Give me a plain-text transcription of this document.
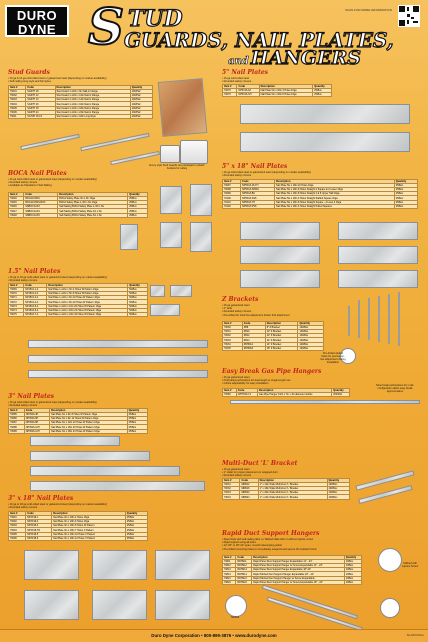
DURO
DYNE S TUD
GUARDS, NAIL PLATES,
and HANGERS
SCAN FOR MORE INFORMATION
Stud Guards
• 16 ga & 14 ga cold-rolled steel or galvanized steel (depending on market availability)
• Self-nailing long-style and flat styles
Item #	Code	Description	Quantity
70001	SG67H 18	Stud Guard 1-1/2in x 6in Nail-in Flange	100/Pail
70002	SG67H 12	Stud Guard 1-1/2in x 12in Nail-in Flange	100/Pail
70003	SG67H 14	Stud Guard 1-1/2in x 14in Nail-in Flange	100/Pail
70004	SG67H 16	Stud Guard 1-1/2in x 16in Nail-in Flange	100/Pail
70005	SG67H 18	Stud Guard 1-1/2in x 18in Nail-in Flange	100/Pail
70006	SG67H 24	Stud Guard 1-1/2in x 24in Nail-in Flange	100/Pail
70011	SG70H 18 LS	Stud Guard 1-1/2in x 18in Long-Style	100/Pail
Every style Stud Guards are packaged in plastic buckets for safety
BOCA Nail Plates
• 16 ga cold-rolled steel or galvanized steel (depending on market availability)
• Rounded safety corners
• Available as Standard or Self-Nailing
Item #	Code	Description	Quantity
70046	BOCA1X3NS	BOCA Safety Plate 3in x 3in 16ga	25/Box
70045	BOCA1X3NS-BOX	BOCA Safety Plate 1-3/8 x 3in 16ga	25/Box
70046	SNBOCA1X3	Self-Nailing BOCA Safety Plate 1-3/8 x 3in	25/Box
70047	SNBOCA1X4	Self-Nailing BOCA Safety Plate 4in x 3in	25/Box
70048	SNBOCA1X6	Self-Nailing BOCA Safety Plate 6in x 3in	25/Box
1.5" Nail Plates
• 16 ga or 18 ga cold-rolled steel or galvanized steel (depending on market availability)
• Rounded safety corners
Item #	Code	Description	Quantity
70069	NP1516-1-4	Nail Plate 1-1/2in x 3in 4 Holes W Pattern 16ga	50/Box
70070	NP1516-2-4	Nail Plate 1-1/2in x 5in 8 Holes W Pattern 16ga	50/Box
70071	NP1516-3-4	Nail Plate 1-1/2in x 6in 10 Holes W Pattern 16ga	50/Box
70072	NP1516-4-4	Nail Plate 1-1/2in x 9in 16 Holes W Pattern 16ga	50/Box
70073	NP1516-5-4	Nail Plate 1-1/2in x 12in 20 Holes W Pattern 16ga	50/Box
70074	NP1518-6-4	Nail Plate 1-1/2in x 18in 24 Holes W Pattern 18ga	50/Box
70075	NP1518-7-4	Nail Plate 1-1/2in x 24in 32 Holes W Pattern 18ga	50/Box
3" Nail Plates
• 16 ga cold-rolled steel or galvanized steel (depending on market availability)
• Rounded safety corners
Item #	Code	Description	Quantity
70085	NP3516-4H	Nail Plate 3in x 6in 8 Holes W Pattern 16ga	25/Box
70086	NP3516-6H	Nail Plate 3in x 9in 12 Holes W Pattern 16ga	25/Box
70087	NP3516-8H	Nail Plate 3in x 12in 16 Holes W Pattern 16ga	25/Box
70088	NP3516-10H	Nail Plate 3in x 16in 20 Holes W Pattern 16ga	25/Box
70089	NP3516-12H	Nail Plate 3in x 18in 24 Holes W Pattern 16ga	25/Box
3" x 18" Nail Plates
• 16 ga or 18 ga cold-rolled steel or galvanized steel (depending on market availability)
• Rounded safety corners
Item #	Code	Description	Quantity
70091	NP3X18-1	Nail Plate 3in x 18in 4 Holes 16ga	25/Box
70092	NP3X18-2	Nail Plate 3in x 18in 6 Holes 16ga	25/Box
70093	NP3X18-3	Nail Plate 3in x 18in 8 Holes W Pattern	25/Box
70094	NP3X18-TN	Nail Plate 3in x 18in 7 Holes X Pattern	25/Box
70095	NP3X18-5	Nail Plate 3in x 18in 10 Holes X Pattern	25/Box
70096	NP3X18-6	Nail Plate 3in x 18in 12 Holes X Pattern	25/Box
5" Nail Plates
• 16 ga cold-rolled steel
• Rounded safety corners
Item #	Code	Description	Quantity
70075	NP5X16-18	Nail Plate 5in x 18in 4 Holes 16ga	25/Box
70076	NP5X16-SH	Nail Plate 5in x 18in 8 Holes 16ga	25/Box
5" x 18" Nail Plates
• 16 ga cold-rolled steel or galvanized steel (depending on market availability)
• Rounded safety corners
Item #	Code	Description	Quantity
70097	NP5X18-16-TH	Nail Plate 5in x 18in 16 Holes 16ga	25/Box
70098	NP5X18-SHMG	Nail Plate 5in x 18in 8 Holes Straight 2 Square & 2 Lower 16ga	25/Box
70099	NP5X18-BU	Nail Plate 5in x 18in 8 Holes Straight 4 & 8 Upper Half 16ga	25/Box
70100	NP5X18-SSS	Nail Plate 5in x 18in 4 Holes Straight Staffed Square 16ga	25/Box
70101	NP5X18-TH	Nail Plate 5in x 18in 8 Holes Straight Square - 4 Lines 4 16ga	25/Box
70102	NP5X18-PSS	Nail Plate 5in x 18in 4 Holes Straight Pulled Squares	25/Box
Z Brackets
• 16 ga galvanized steel
• 2" wide
• Rounded safety corners
• Pre-drilled for shelf but adjustment button find attachment
Item #	Code	Description	Quantity
70030	ZB8	8" Z Bracket	100/Box
70031	ZB10	10" Z Bracket	100/Box
70032	ZB12	12" Z Bracket	100/Box
70033	ZB14	14" Z Bracket	100/Box
70034	ZBHD14	14" Z Bracket	100/Box
70035	ZBHD18	18" Z Bracket	100/Box
Pre-drilled slotted holes for precise on-site adjustment during installation
Easy Break Gas Pipe Hangers
• 16 ga galvanized steel
• Perforated perforations for dual length or single length use
• Infinite adjustability for easy installation
Item #	Code	Description	Quantity
70082	GPHSX12-3	Gas Pipe Hanger 1/2in x 7in x 3in diameter double	200/Pail
Slow break perforations for multi-configuration allow easy break approximation
Multi-Duct 'L' Bracket
• 16 ga galvanized steel
• 1" collar for proper placement on wrapped duct
• Rounded safety corners
Item #	Code	Description	Quantity
70031	MDB12	1" x 12in Wide Multi-Duct 'L' Bracket	100/Box
70032	MDB16	1" x 16in Wide Multi-Duct 'L' Bracket	100/Box
70033	MDB20	1" x 20in Wide Multi-Duct 'L' Bracket	100/Box
70034	MDB24	1" x 24in Wide Multi-Duct 'L' Bracket	100/Box
Rapid Duct Support Hangers
• Steel Style with self-nailing tabs, to Tabbed Nails with or without captive screw
• Rigid support using all sizes
• 12"-20" or 18"-24" span, smooth telescoping action
• Pre-drilled mounting holes to immediately suspend and secure the bracket's bind
Item #	Code	Description	Quantity
70811	RDHS11	Rapid Panel Duct Support Hanger Expandable 11" - 24"	10/Box
70812	RDHS12	Rapid Panel Duct Support Hanger w/ Screw Expandable 11" - 24"	10/Box
70813	RDHS13	Rapid Panel Duct Support Hanger Expandable 18"-24"	10/Box
70814	RDHS14	Rapid Tabbed Duct Support Hanger Expandable 18" - 24"	10/Box
70821	RDHS21	Rapid Tabbed Duct Support Hanger w/ Screw Expandable	10/Box
70822	RDHS22	Rapid Panel Duct Support Hanger w/ Screw Expandable 18" - 24"	10/Box
Tabbed with captive Screw
Tabbed
Duro Dyne Corporation • 800-899-3876 • www.durodyne.com	SG-NP-HA Rev
